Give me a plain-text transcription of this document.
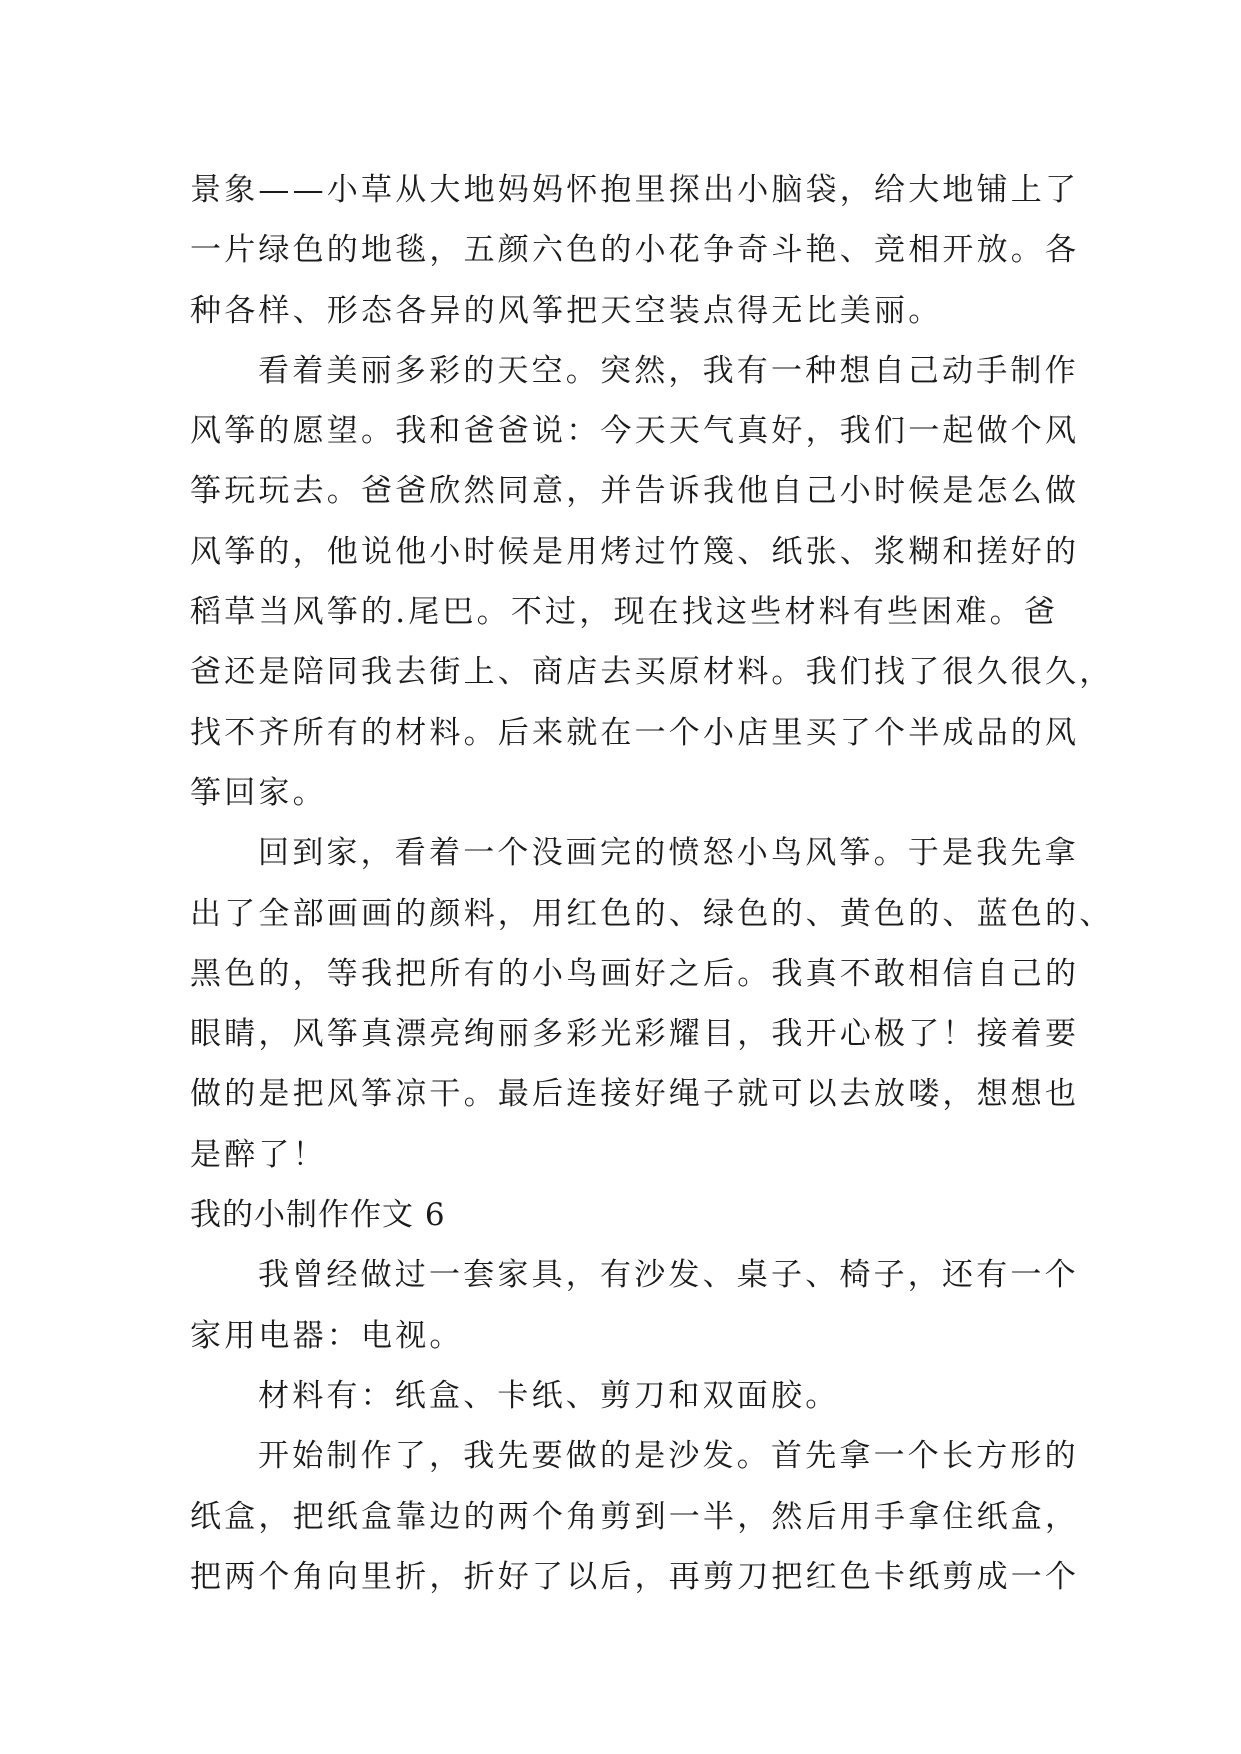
景象——小草从大地妈妈怀抱里探出小脑袋，给大地铺上了
一片绿色的地毯，五颜六色的小花争奇斗艳、竞相开放。各
种各样、形态各异的风筝把天空装点得无比美丽。
看着美丽多彩的天空。突然，我有一种想自己动手制作
风筝的愿望。我和爸爸说：今天天气真好，我们一起做个风
筝玩玩去。爸爸欣然同意，并告诉我他自己小时候是怎么做
风筝的，他说他小时候是用烤过竹篾、纸张、浆糊和搓好的
稻草当风筝的.尾巴。不过，现在找这些材料有些困难。爸
爸还是陪同我去街上、商店去买原材料。我们找了很久很久，
找不齐所有的材料。后来就在一个小店里买了个半成品的风
筝回家。
回到家，看着一个没画完的愤怒小鸟风筝。于是我先拿
出了全部画画的颜料，用红色的、绿色的、黄色的、蓝色的、
黑色的，等我把所有的小鸟画好之后。我真不敢相信自己的
眼睛，风筝真漂亮绚丽多彩光彩耀目，我开心极了！接着要
做的是把风筝凉干。最后连接好绳子就可以去放喽，想想也
是醉了！
我的小制作作文 6
我曾经做过一套家具，有沙发、桌子、椅子，还有一个
家用电器：电视。
材料有：纸盒、卡纸、剪刀和双面胶。
开始制作了，我先要做的是沙发。首先拿一个长方形的
纸盒，把纸盒靠边的两个角剪到一半，然后用手拿住纸盒，
把两个角向里折，折好了以后，再剪刀把红色卡纸剪成一个
